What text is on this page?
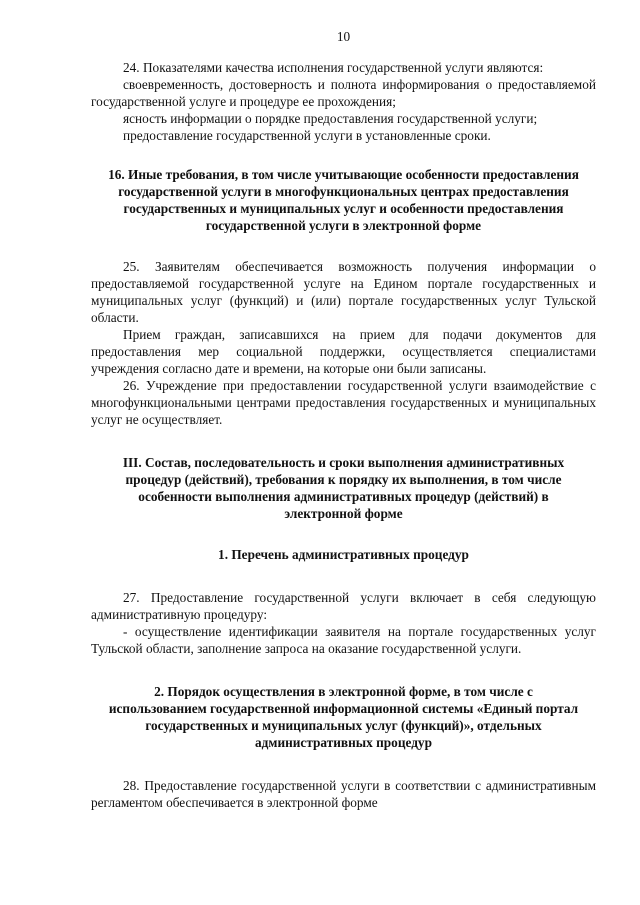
10

24. Показателями качества исполнения государственной услуги являются:

своевременность, достоверность и полнота информирования о предоставляемой государственной услуге и процедуре ее прохождения;

ясность информации о порядке предоставления государственной услуги;

предоставление государственной услуги в установленные сроки.

16. Иные требования, в том числе учитывающие особенности предоставления государственной услуги в многофункциональных центрах предоставления государственных и муниципальных услуг и особенности предоставления государственной услуги в электронной форме

25. Заявителям обеспечивается возможность получения информации о предоставляемой государственной услуге на Едином портале государственных и муниципальных услуг (функций) и (или) портале государственных услуг Тульской области.

Прием граждан, записавшихся на прием для подачи документов для предоставления мер социальной поддержки, осуществляется специалистами учреждения согласно дате и времени, на которые они были записаны.

26. Учреждение при предоставлении государственной услуги взаимодействие с многофункциональными центрами предоставления государственных и муниципальных услуг не осуществляет.

III. Состав, последовательность и сроки выполнения административных процедур (действий), требования к порядку их выполнения, в том числе особенности выполнения административных процедур (действий) в электронной форме
1. Перечень административных процедур

27. Предоставление государственной услуги включает в себя следующую административную процедуру:

- осуществление идентификации заявителя на портале государственных услуг Тульской области, заполнение запроса на оказание государственной услуги.

2. Порядок осуществления в электронной форме, в том числе с использованием государственной информационной системы «Единый портал государственных и муниципальных услуг (функций)», отдельных административных процедур

28. Предоставление государственной услуги в соответствии с административным регламентом обеспечивается в электронной форме
